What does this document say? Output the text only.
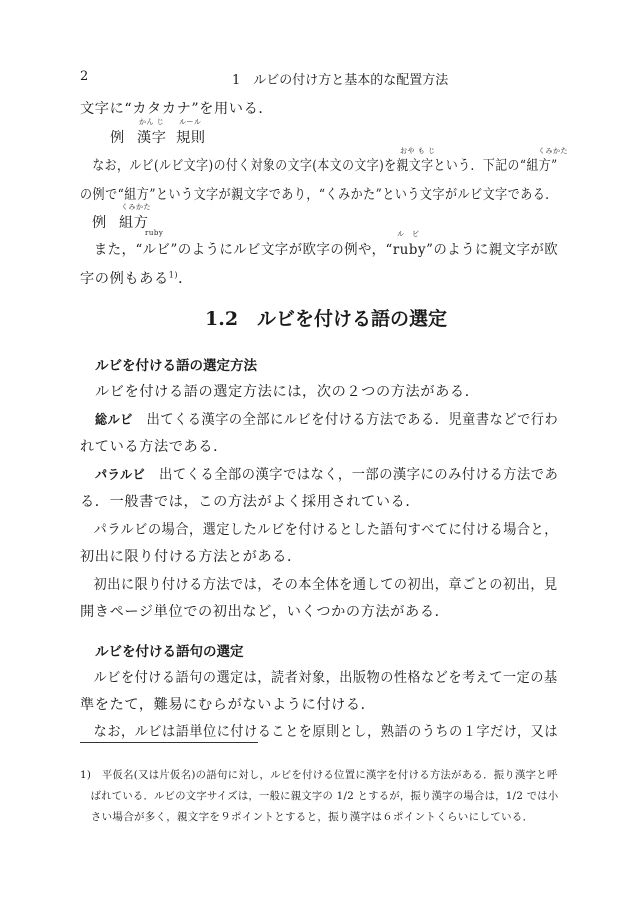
2	1　ルビの付け方と基本的な配置方法
文字に“カタカナ”を用いる．
例
かん じ
漢字
ルール
規則
おや も じ	くみかた
　なお，ルビ(ルビ文字)の付く対象の文字(本文の文字)を親文字という．下記の“組方”
の例で“組方”という文字が親文字であり，“くみかた”という文字がルビ文字である．
例
くみかた
組方
ruby	ル　ビ
　また，“ルビ”のようにルビ文字が欧字の例や，“ruby”のように親文字が欧
字の例もある$^{1)}$．
1.2　ルビを付ける語の選定
ルビを付ける語の選定方法
ルビを付ける語の選定方法には，次の２つの方法がある．
総ルビ　出てくる漢字の全部にルビを付ける方法である．児童書などで行わ
れている方法である．
パラルビ　出てくる全部の漢字ではなく，一部の漢字にのみ付ける方法であ
る．一般書では，この方法がよく採用されている．
　パラルビの場合，選定したルビを付けるとした語句すべてに付ける場合と，
初出に限り付ける方法とがある．
　初出に限り付ける方法では，その本全体を通しての初出，章ごとの初出，見
開きページ単位での初出など，いくつかの方法がある．
ルビを付ける語句の選定
　ルビを付ける語句の選定は，読者対象，出版物の性格などを考えて一定の基
準をたて，難易にむらがないように付ける．
　なお，ルビは語単位に付けることを原則とし，熟語のうちの１字だけ，又は
1)　平仮名(又は片仮名)の語句に対し，ルビを付ける位置に漢字を付ける方法がある．振り漢字と呼
　ばれている．ルビの文字サイズは，一般に親文字の 1/2 とするが，振り漢字の場合は，1/2 では小
　さい場合が多く，親文字を９ポイントとすると，振り漢字は６ポイントくらいにしている．
